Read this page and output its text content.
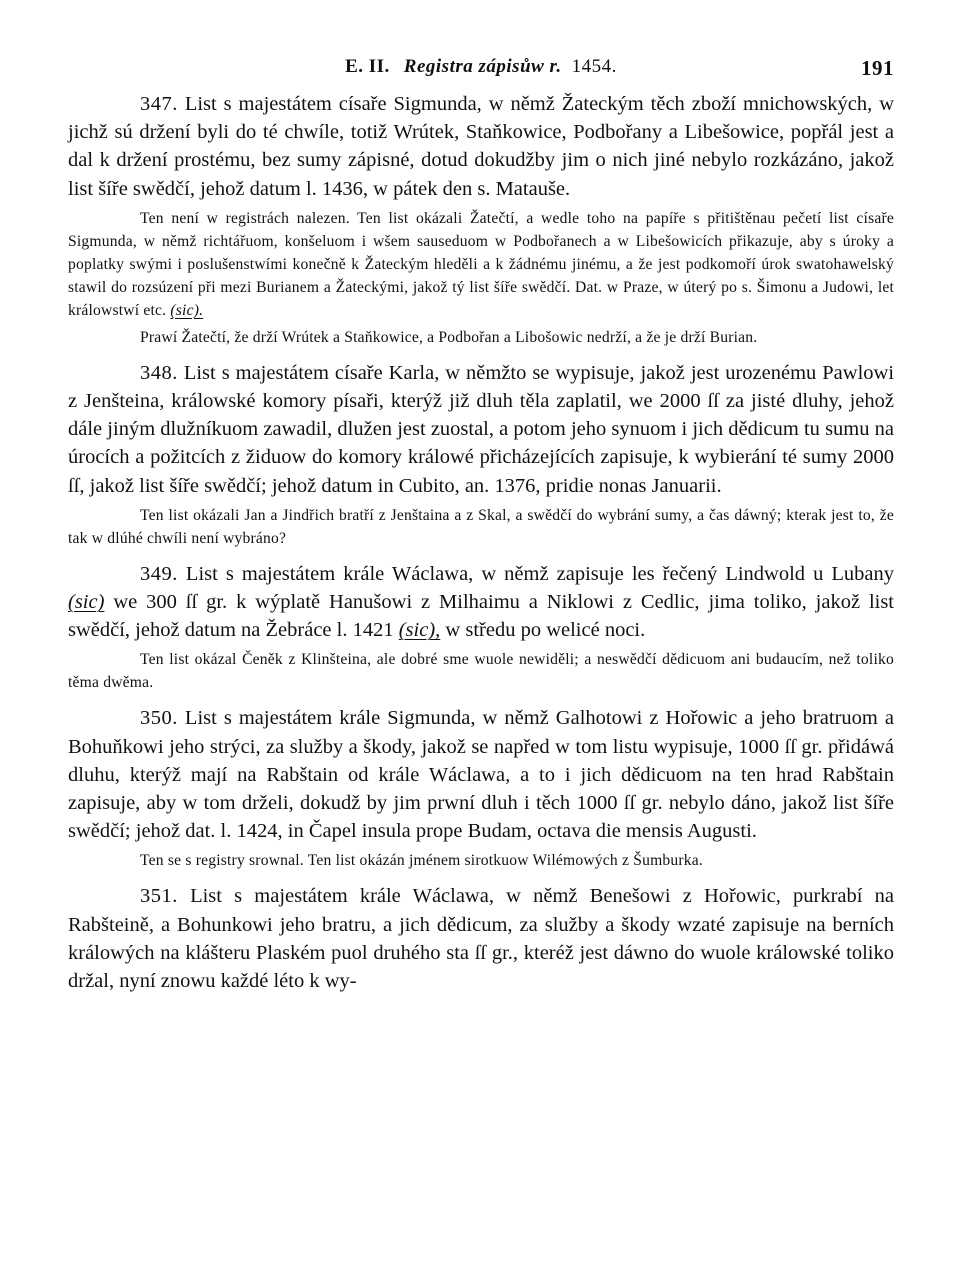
E. II. Registra zápisůw r. 1454.	191

347. List s majestátem císaře Sigmunda, w němž Žateckým těch zboží mnichowských, w jichž sú držení byli do té chwíle, totiž Wrútek, Staňkowice, Podbořany a Libešowice, popřál jest a dal k držení prostému, bez sumy zápisné, dotud dokudžby jim o nich jiné nebylo rozkázáno, jakož list šíře swědčí, jehož datum l. 1436, w pátek den s. Matauše.

Ten není w registrách nalezen. Ten list okázali Žatečtí, a wedle toho na papíře s přitištěnau pečetí list císaře Sigmunda, w němž richtářuom, konšeluom i wšem sauseduom w Podbořanech a w Libešowicích přikazuje, aby s úroky a poplatky swými i poslušenstwími konečně k Žateckým hleděli a k žádnému jinému, a že jest podkomoří úrok swatohawelský stawil do rozsúzení při mezi Burianem a Žateckými, jakož tý list šíře swědčí. Dat. w Praze, w úterý po s. Šimonu a Judowi, let králowstwí etc. (sic).

Prawí Žatečtí, že drží Wrútek a Staňkowice, a Podbořan a Libošowic nedrží, a že je drží Burian.

348. List s majestátem císaře Karla, w němžto se wypisuje, jakož jest urozenému Pawlowi z Jenšteina, králowské komory písaři, kterýž již dluh těla zaplatil, we 2000 ſſ za jisté dluhy, jehož dále jiným dlužníkuom zawadil, dlužen jest zuostal, a potom jeho synuom i jich dědicum tu sumu na úrocích a požitcích z židuow do komory králowé přicházejících zapisuje, k wybierání té sumy 2000 ſſ, jakož list šíře swědčí; jehož datum in Cubito, an. 1376, pridie nonas Januarii.

Ten list okázali Jan a Jindřich bratří z Jenštaina a z Skal, a swědčí do wybrání sumy, a čas dáwný; kterak jest to, že tak w dlúhé chwíli není wybráno?

349. List s majestátem krále Wáclawa, w němž zapisuje les řečený Lindwold u Lubany (sic) we 300 ſſ gr. k wýplatě Hanušowi z Milhaimu a Niklowi z Cedlic, jima toliko, jakož list swědčí, jehož datum na Žebráce l. 1421 (sic), w středu po welicé noci.

Ten list okázal Čeněk z Klinšteina, ale dobré sme wuole newiděli; a neswědčí dědicuom ani budaucím, než toliko těma dwěma.

350. List s majestátem krále Sigmunda, w němž Galhotowi z Hořowic a jeho bratruom a Bohuňkowi jeho strýci, za služby a škody, jakož se napřed w tom listu wypisuje, 1000 ſſ gr. přidáwá dluhu, kterýž mají na Rabštain od krále Wáclawa, a to i jich dědicuom na ten hrad Rabštain zapisuje, aby w tom drželi, dokudž by jim prwní dluh i těch 1000 ſſ gr. nebylo dáno, jakož list šíře swědčí; jehož dat. l. 1424, in Čapel insula prope Budam, octava die mensis Augusti.

Ten se s registry srownal. Ten list okázán jménem sirotkuow Wilémowých z Šumburka.

351. List s majestátem krále Wáclawa, w němž Benešowi z Hořowic, purkrabí na Rabšteině, a Bohunkowi jeho bratru, a jich dědicum, za služby a škody wzaté zapisuje na berních králowých na klášteru Plaském puol druhého sta ſſ gr., kteréž jest dáwno do wuole králowské toliko držal, nyní znowu každé léto k wy-
